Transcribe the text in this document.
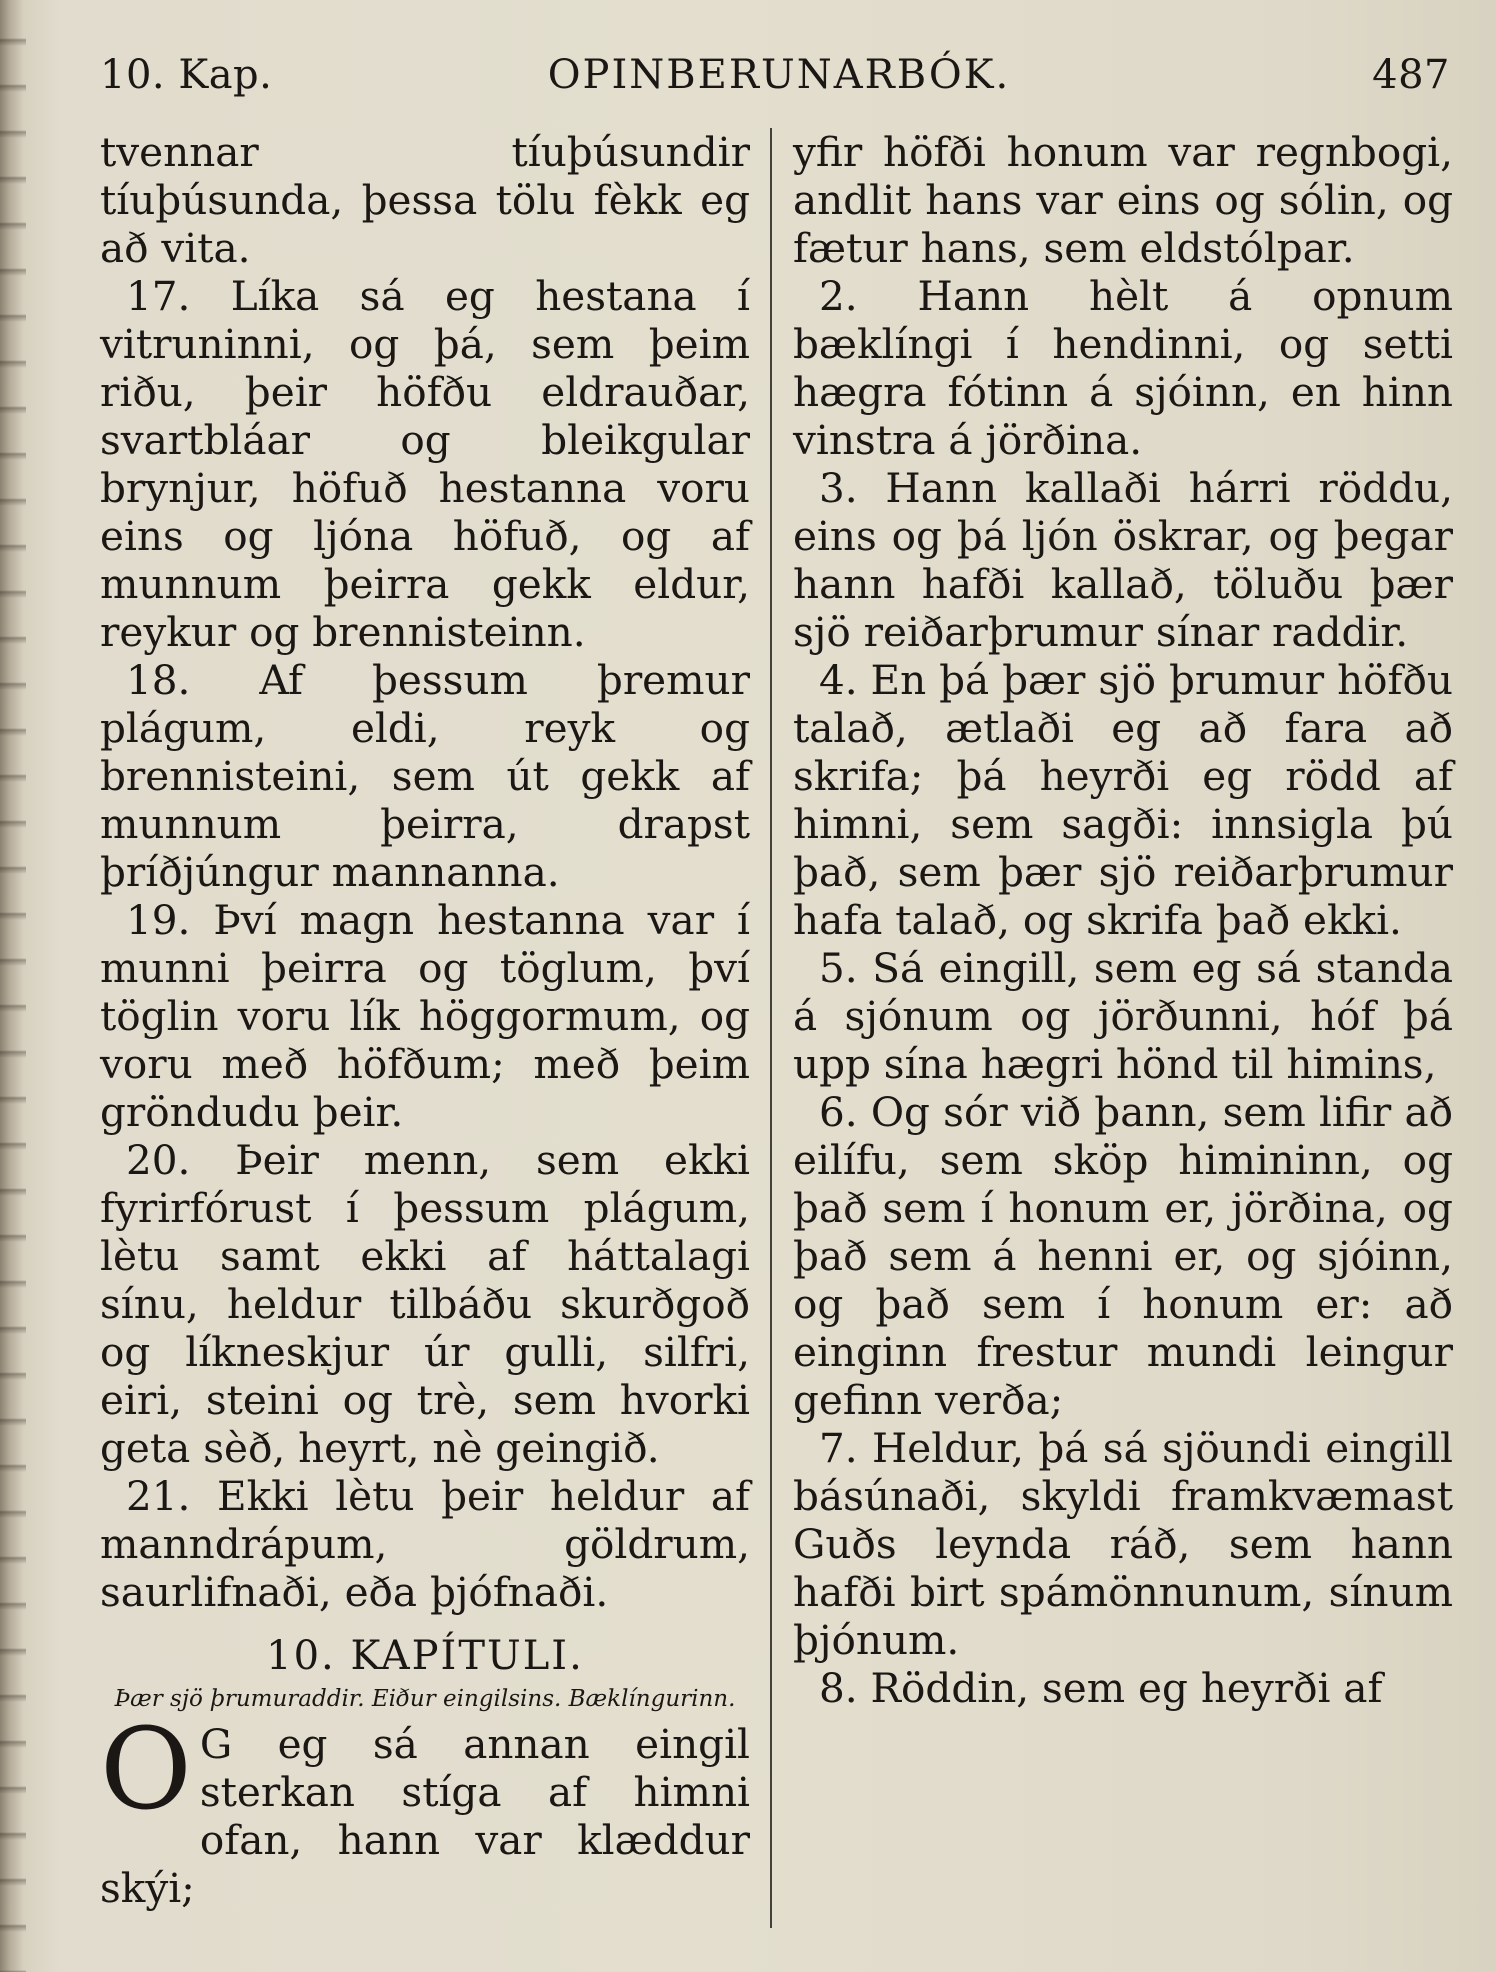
10. Kap.	OPINBERUNARBÓK.	487

tvennar tíuþúsundir tíuþúsunda, þessa tölu fèkk eg að vita.

17. Líka sá eg hestana í vitruninni, og þá, sem þeim riðu, þeir höfðu eldrauðar, svartbláar og bleikgular brynjur, höfuð hestanna voru eins og ljóna höfuð, og af munnum þeirra gekk eldur, reykur og brennisteinn.

18. Af þessum þremur plágum, eldi, reyk og brennisteini, sem út gekk af munnum þeirra, drapst þríðjúngur mannanna.

19. Því magn hestanna var í munni þeirra og töglum, því töglin voru lík höggormum, og voru með höfðum; með þeim gröndudu þeir.

20. Þeir menn, sem ekki fyrirfórust í þessum plágum, lètu samt ekki af háttalagi sínu, heldur tilbáðu skurðgoð og líkneskjur úr gulli, silfri, eiri, steini og trè, sem hvorki geta sèð, heyrt, nè geingið.

21. Ekki lètu þeir heldur af manndrápum, göldrum, saurlifnaði, eða þjófnaði.

10. KAPÍTULI.
Þær sjö þrumuraddir. Eiður eingilsins. Bæklíngurinn.
O G eg sá annan eingil sterkan stíga af himni ofan, hann var klæddur skýi;

yfir höfði honum var regnbogi, andlit hans var eins og sólin, og fætur hans, sem eldstólpar.

2. Hann hèlt á opnum bæklíngi í hendinni, og setti hægra fótinn á sjóinn, en hinn vinstra á jörðina.

3. Hann kallaði hárri röddu, eins og þá ljón öskrar, og þegar hann hafði kallað, töluðu þær sjö reiðarþrumur sínar raddir.

4. En þá þær sjö þrumur höfðu talað, ætlaði eg að fara að skrifa; þá heyrði eg rödd af himni, sem sagði: innsigla þú það, sem þær sjö reiðarþrumur hafa talað, og skrifa það ekki.

5. Sá eingill, sem eg sá standa á sjónum og jörðunni, hóf þá upp sína hægri hönd til himins,

6. Og sór við þann, sem lifir að eilífu, sem sköp himininn, og það sem í honum er, jörðina, og það sem á henni er, og sjóinn, og það sem í honum er: að einginn frestur mundi leingur gefinn verða;

7. Heldur, þá sá sjöundi eingill básúnaði, skyldi framkvæmast Guðs leynda ráð, sem hann hafði birt spámönnunum, sínum þjónum.

8. Röddin, sem eg heyrði af
